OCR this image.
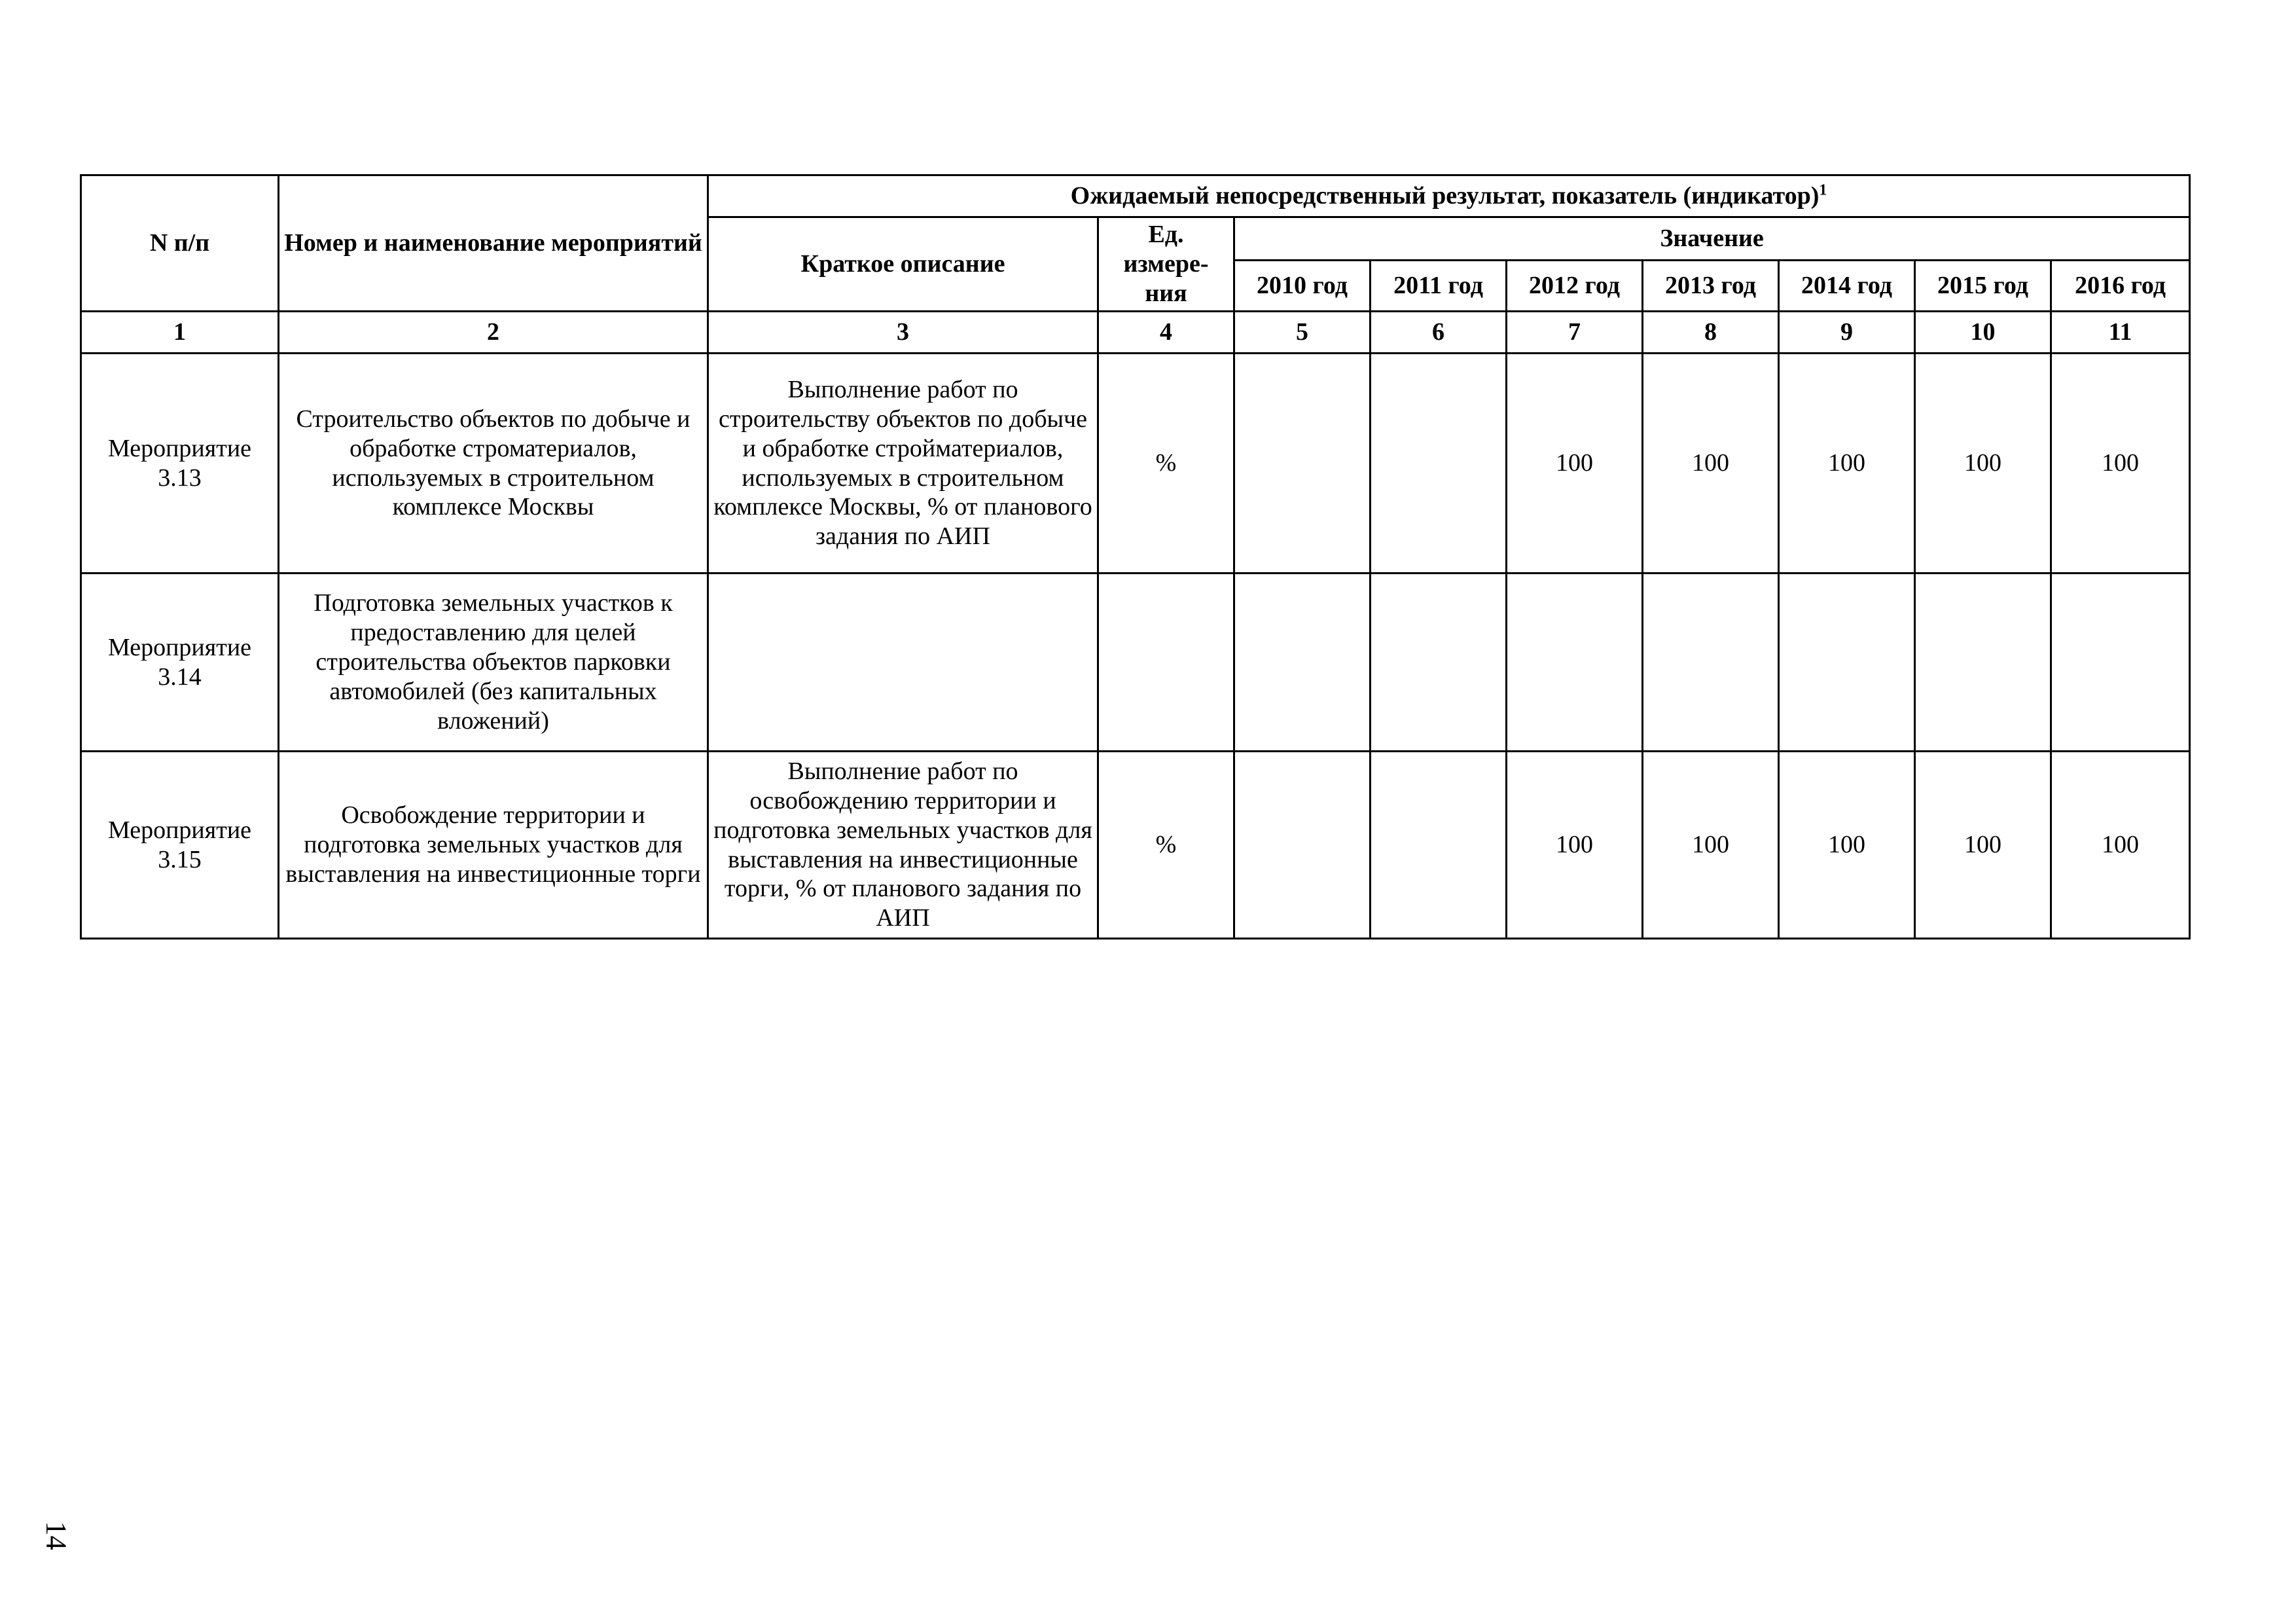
N п/п	Номер и наименование мероприятий	Ожидаемый непосредственный результат, показатель (индикатор)$^1$
		Краткое описание	Ед. измере-ния	Значение						
				2010 год	2011 год	2012 год	2013 год	2014 год	2015 год	2016 год
1	2	3	4	5	6	7	8	9	10	11
Мероприятие 3.13	Строительство объектов по добыче и обработке строматериалов, используемых в строительном комплексе Москвы	Выполнение работ по строительству объектов по добыче и обработке стройматериалов, используемых в строительном комплексе Москвы, % от планового задания по АИП	%			100	100	100	100	100
Мероприятие 3.14	Подготовка земельных участков к предоставлению для целей строительства объектов парковки автомобилей (без капитальных вложений)									
Мероприятие 3.15	Освобождение территории и подготовка земельных участков для выставления на инвестиционные торги	Выполнение работ по освобождению территории и подготовка земельных участков для выставления на инвестиционные торги, % от планового задания по АИП	%			100	100	100	100	100
14
